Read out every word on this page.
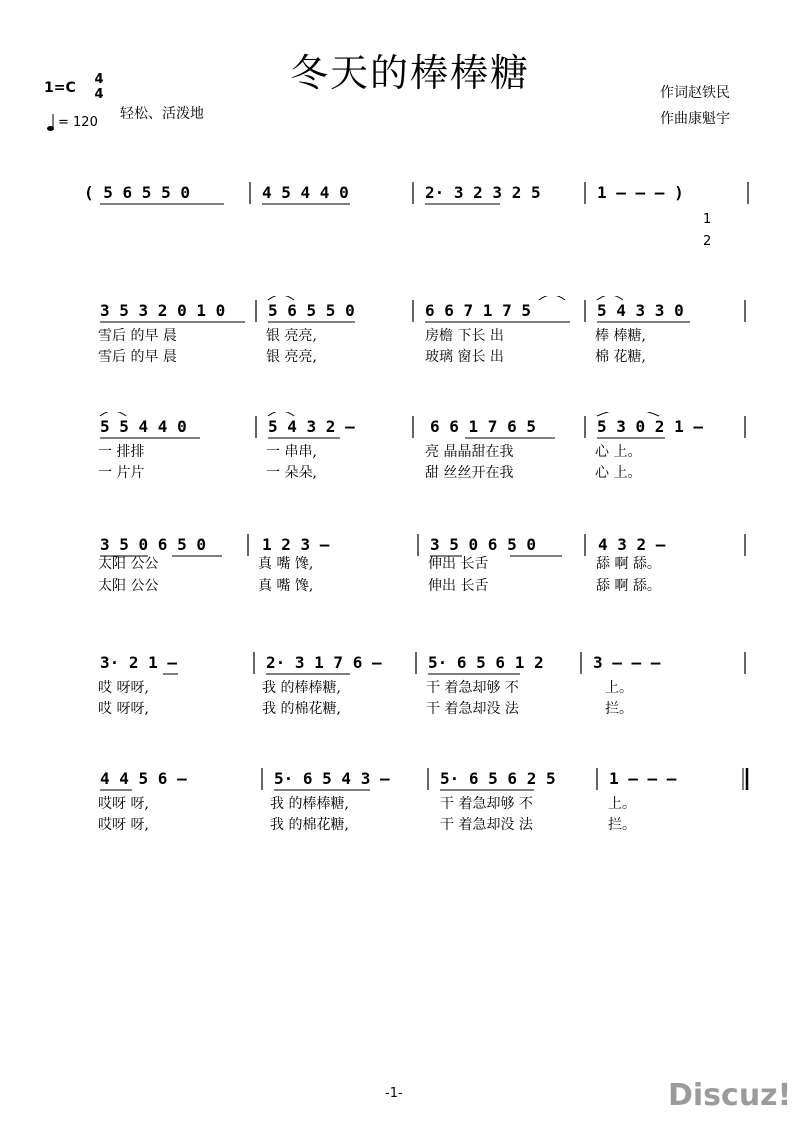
冬天的棒棒糖
1=C
4
4
= 120
轻松、活泼地
作词赵铁民
作曲康魁宇
( 5 6 5 5 0	4 5 4 4 0	2· 3 2 3 2 5	1 – – – )
1
2
3 5 3 2 0 1 0	5 6 5 5 0	6 6 7 1 7 5	5 4 3 3 0
雪后 的早 晨	银 亮亮,	房檐 下长 出	棒 棒糖,
雪后 的早 晨	银 亮亮,	玻璃 窗长 出	棉 花糖,
5 5 4 4 0	5 4 3 2 –	6 6 1 7 6 5	5 3 0 2 1 –
一 排排	一 串串,	亮 晶晶甜在我	心 上。
一 片片	一 朵朵,	甜 丝丝开在我	心 上。
3 5 0 6 5 0	1 2 3 –	3 5 0 6 5 0	4 3 2 –
太阳 公公	真 嘴 馋,	伸出 长舌	舔 啊 舔。
太阳 公公	真 嘴 馋,	伸出 长舌	舔 啊 舔。
3· 2 1 –	2· 3 1 7 6 –	5· 6 5 6 1 2	3 – – –
哎 呀呀,	我 的棒棒糖,	干 着急却够 不	上。
哎 呀呀,	我 的棉花糖,	干 着急却没 法	拦。
4 4 5 6 –	5· 6 5 4 3 –	5· 6 5 6 2 5	1 – – –
哎呀 呀,	我 的棒棒糖,	干 着急却够 不	上。
哎呀 呀,	我 的棉花糖,	干 着急却没 法	拦。
-1-	Discuz!
